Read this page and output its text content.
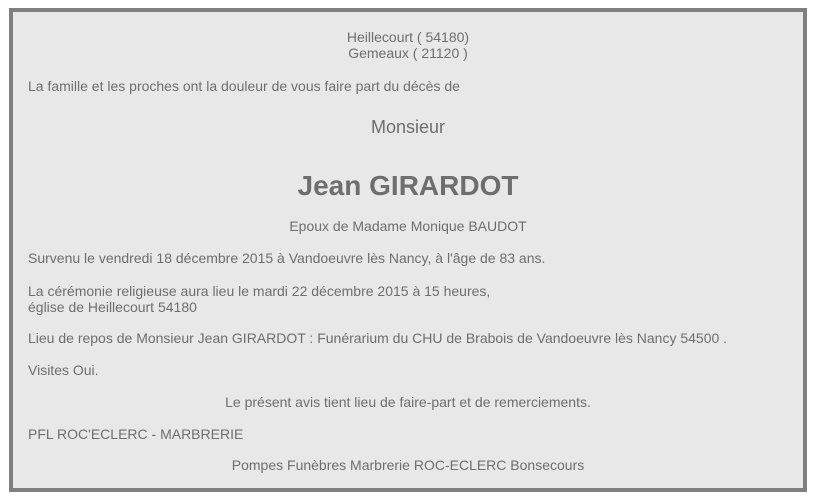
Heillecourt ( 54180)
Gemeaux ( 21120 )
La famille et les proches ont la douleur de vous faire part du décès de
Monsieur
Jean GIRARDOT
Epoux de Madame Monique BAUDOT
Survenu le vendredi 18 décembre 2015 à Vandoeuvre lès Nancy, à l'âge de 83 ans.
La cérémonie religieuse aura lieu le mardi 22 décembre 2015 à 15 heures,
église de Heillecourt 54180
Lieu de repos de Monsieur Jean GIRARDOT : Funérarium du CHU de Brabois de Vandoeuvre lès Nancy 54500 .
Visites Oui.
Le présent avis tient lieu de faire-part et de remerciements.
PFL ROC'ECLERC - MARBRERIE
Pompes Funèbres Marbrerie ROC-ECLERC Bonsecours
